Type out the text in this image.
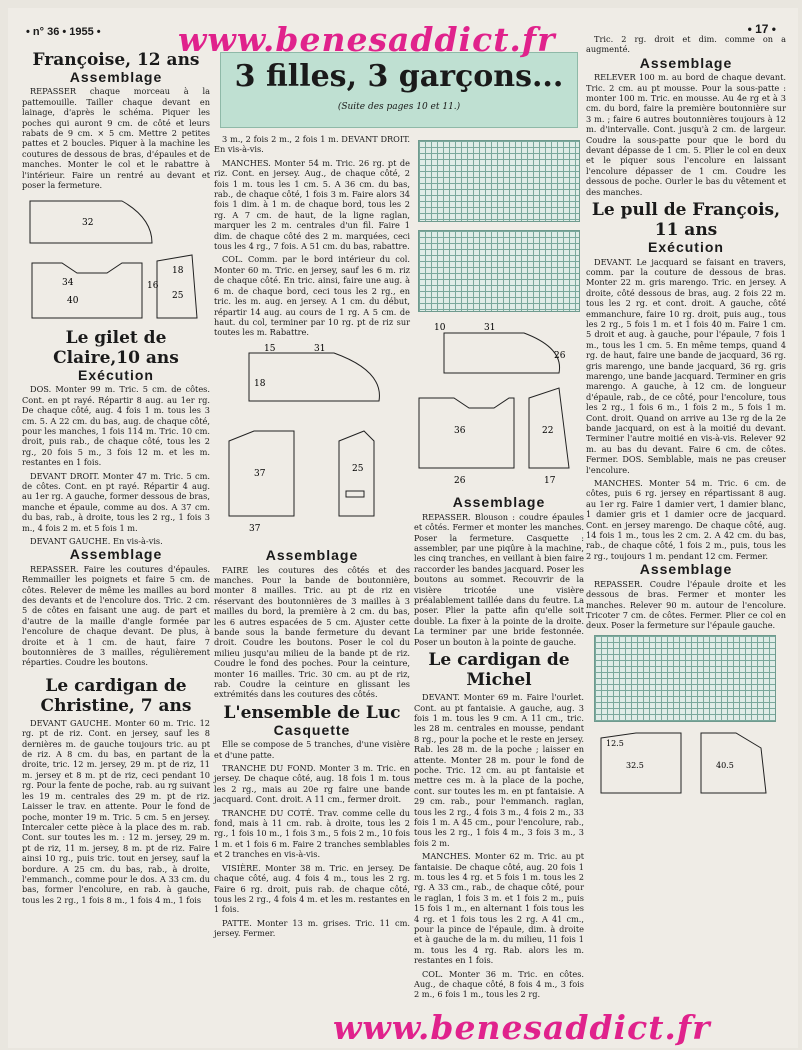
• n° 36 • 1955 •	• 17 •
3 filles, 3 garçons...
(Suite des pages 10 et 11.)
Françoise, 12 ans
Assemblage

REPASSER chaque morceau à la pattemouille. Tailler chaque devant en lainage, d'après le schéma. Piquer les poches qui auront 9 cm. de côté et leurs rabats de 9 cm. × 5 cm. Mettre 2 petites pattes et 2 boucles. Piquer à la machine les coutures de dessous de bras, d'épaules et de manches. Monter le col et le rabattre à l'intérieur. Faire un rentré au devant et poser la fermeture.

32
34
40
18
25
16
Le gilet de Claire,10 ans
Exécution

DOS. Monter 99 m. Tric. 5 cm. de côtes. Cont. en pt rayé. Répartir 8 aug. au 1er rg. De chaque côté, aug. 4 fois 1 m. tous les 3 cm. 5. A 22 cm. du bas, aug. de chaque côté, pour les manches, 1 fois 114 m. Tric. 10 cm. droit, puis rab., de chaque côté, tous les 2 rg., 20 fois 5 m., 3 fois 12 m. et les m. restantes en 1 fois.

DEVANT DROIT. Monter 47 m. Tric. 5 cm. de côtes. Cont. en pt rayé. Répartir 4 aug. au 1er rg. A gauche, former dessous de bras, manche et épaule, comme au dos. A 37 cm. du bas, rab., à droite, tous les 2 rg., 1 fois 3 m., 4 fois 2 m. et 5 fois 1 m.

DEVANT GAUCHE. En vis-à-vis.

Assemblage

REPASSER. Faire les coutures d'épaules. Remmailler les poignets et faire 5 cm. de côtes. Relever de même les mailles au bord des devants et de l'encolure dos. Tric. 2 cm. 5 de côtes en faisant une aug. de part et d'autre de la maille d'angle formée par l'encolure de chaque devant. De plus, à droite et à 1 cm. de haut, faire 7 boutonnières de 3 mailles, régulièrement réparties. Coudre les boutons.

Le cardigan de Christine, 7 ans

DEVANT GAUCHE. Monter 60 m. Tric. 12 rg. pt de riz. Cont. en jersey, sauf les 8 dernières m. de gauche toujours tric. au pt de riz. A 8 cm. du bas, en partant de la droite, tric. 12 m. jersey, 29 m. pt de riz, 11 m. jersey et 8 m. pt de riz, ceci pendant 10 rg. Pour la fente de poche, rab. au rg suivant les 19 m. centrales des 29 m. pt de riz. Laisser le trav. en attente. Pour le fond de poche, monter 19 m. Tric. 5 cm. 5 en jersey. Intercaler cette pièce à la place des m. rab. Cont. sur toutes les m. : 12 m. jersey, 29 m. pt de riz, 11 m. jersey, 8 m. pt de riz. Faire ainsi 10 rg., puis tric. tout en jersey, sauf la bordure. A 25 cm. du bas, rab., à droite, l'emmanch., comme pour le dos. A 33 cm. du bas, former l'encolure, en rab. à gauche, tous les 2 rg., 1 fois 8 m., 1 fois 4 m., 1 fois

3 m., 2 fois 2 m., 2 fois 1 m. DEVANT DROIT. En vis-à-vis.

MANCHES. Monter 54 m. Tric. 26 rg. pt de riz. Cont. en jersey. Aug., de chaque côté, 2 fois 1 m. tous les 1 cm. 5. A 36 cm. du bas, rab., de chaque côté, 1 fois 3 m. Faire alors 34 fois 1 dim. à 1 m. de chaque bord, tous les 2 rg. A 7 cm. de haut, de la ligne raglan, marquer les 2 m. centrales d'un fil. Faire 1 dim. de chaque côté des 2 m. marquées, ceci tous les 4 rg., 7 fois. A 51 cm. du bas, rabattre.

COL. Comm. par le bord intérieur du col. Monter 60 m. Tric. en jersey, sauf les 6 m. riz de chaque côté. En tric. ainsi, faire une aug. à 6 m. de chaque bord, ceci tous les 2 rg., en tric. les m. aug. en jersey. A 1 cm. du début, répartir 14 aug. au cours de 1 rg. A 5 cm. de haut. du col, terminer par 10 rg. pt de riz sur toutes les m. Rabattre.

15	31
18
37
37
25
Assemblage

FAIRE les coutures des côtés et des manches. Pour la bande de boutonnière, monter 8 mailles. Tric. au pt de riz en réservant des boutonnières de 3 mailles à 3 mailles du bord, la première à 2 cm. du bas, les 6 autres espacées de 5 cm. Ajuster cette bande sous la bande fermeture du devant droit. Coudre les boutons. Poser le col du milieu jusqu'au milieu de la bande pt de riz. Coudre le fond des poches. Pour la ceinture, monter 16 mailles. Tric. 30 cm. au pt de riz, rab. Coudre la ceinture en glissant les extrémités dans les coutures des côtés.

L'ensemble de Luc
Casquette

Elle se compose de 5 tranches, d'une visière et d'une patte.

TRANCHE DU FOND. Monter 3 m. Tric. en jersey. De chaque côté, aug. 18 fois 1 m. tous les 2 rg., mais au 20e rg faire une bande jacquard. Cont. droit. A 11 cm., fermer droit.

TRANCHE DU COTÉ. Trav. comme celle du fond, mais à 11 cm. rab. à droite, tous les 2 rg., 1 fois 10 m., 1 fois 3 m., 5 fois 2 m., 10 fois 1 m. et 1 fois 6 m. Faire 2 tranches semblables et 2 tranches en vis-à-vis.

VISIÈRE. Monter 38 m. Tric. en jersey. De chaque côté, aug. 4 fois 4 m., tous les 2 rg. Faire 6 rg. droit, puis rab. de chaque côté, tous les 2 rg., 4 fois 4 m. et les m. restantes en 1 fois.

PATTE. Monter 13 m. grises. Tric. 11 cm. jersey. Fermer.

31
10
26
36
26
22
17
Assemblage

REPASSER. Blouson : coudre épaules et côtés. Fermer et monter les manches. Poser la fermeture. Casquette : assembler, par une piqûre à la machine, les cinq tranches, en veillant à bien faire raccorder les bandes jacquard. Poser les boutons au sommet. Recouvrir de la visière tricotée une visière préalablement taillée dans du feutre. La poser. Plier la patte afin qu'elle soit double. La fixer à la pointe de la droite. La terminer par une bride festonnée. Poser un bouton à la pointe de gauche.

Le cardigan de Michel

DEVANT. Monter 69 m. Faire l'ourlet. Cont. au pt fantaisie. A gauche, aug. 3 fois 1 m. tous les 9 cm. A 11 cm., tric. les 28 m. centrales en mousse, pendant 8 rg., pour la poche et le reste en jersey. Rab. les 28 m. de la poche ; laisser en attente. Monter 28 m. pour le fond de poche. Tric. 12 cm. au pt fantaisie et mettre ces m. à la place de la poche, cont. sur toutes les m. en pt fantaisie. A 29 cm. rab., pour l'emmanch. raglan, tous les 2 rg., 4 fois 3 m., 4 fois 2 m., 33 fois 1 m. A 45 cm., pour l'encolure, rab., tous les 2 rg., 1 fois 4 m., 3 fois 3 m., 3 fois 2 m.

MANCHES. Monter 62 m. Tric. au pt fantaisie. De chaque côté, aug. 20 fois 1 m. tous les 4 rg. et 5 fois 1 m. tous les 2 rg. A 33 cm., rab., de chaque côté, pour le raglan, 1 fois 3 m. et 1 fois 2 m., puis 15 fois 1 m., en alternant 1 fois tous les 4 rg. et 1 fois tous les 2 rg. A 41 cm., pour la pince de l'épaule, dim. à droite et à gauche de la m. du milieu, 11 fois 1 m. tous les 4 rg. Rab. alors les m. restantes en 1 fois.

COL. Monter 36 m. Tric. en côtes. Aug., de chaque côté, 8 fois 4 m., 3 fois 2 m., 6 fois 1 m., tous les 2 rg.

Tric. 2 rg. droit et dim. comme on a augmenté.

Assemblage

RELEVER 100 m. au bord de chaque devant. Tric. 2 cm. au pt mousse. Pour la sous-patte : monter 100 m. Tric. en mousse. Au 4e rg et à 3 cm. du bord, faire la première boutonnière sur 3 m. ; faire 6 autres boutonnières toujours à 12 m. d'intervalle. Cont. jusqu'à 2 cm. de largeur. Coudre la sous-patte pour que le bord du devant dépasse de 1 cm. 5. Plier le col en deux et le piquer sous l'encolure en laissant l'encolure dépasser de 1 cm. Coudre les dessous de poche. Ourler le bas du vêtement et des manches.

Le pull de François, 11 ans
Exécution

DEVANT. Le jacquard se faisant en travers, comm. par la couture de dessous de bras. Monter 22 m. gris marengo. Tric. en jersey. A droite, côté dessous de bras, aug. 2 fois 22 m. tous les 2 rg. et cont. droit. A gauche, côté emmanchure, faire 10 rg. droit, puis aug., tous les 2 rg., 5 fois 1 m. et 1 fois 40 m. Faire 1 cm. 5 droit et aug. à gauche, pour l'épaule, 7 fois 1 m., tous les 1 cm. 5. En même temps, quand 4 rg. de haut, faire une bande de jacquard, 36 rg. gris marengo, une bande jacquard, 36 rg. gris marengo, une bande jacquard. Terminer en gris marengo. A gauche, à 12 cm. de longueur d'épaule, rab., de ce côté, pour l'encolure, tous les 2 rg., 1 fois 6 m., 1 fois 2 m., 5 fois 1 m. Cont. droit. Quand on arrive au 13e rg de la 2e bande jacquard, on est à la moitié du devant. Terminer l'autre moitié en vis-à-vis. Relever 92 m. au bas du devant. Faire 6 cm. de côtes. Fermer. DOS. Semblable, mais ne pas creuser l'encolure.

MANCHES. Monter 54 m. Tric. 6 cm. de côtes, puis 6 rg. jersey en répartissant 8 aug. au 1er rg. Faire 1 damier vert, 1 damier blanc, 1 damier gris et 1 damier ocre de jacquard. Cont. en jersey marengo. De chaque côté, aug. 14 fois 1 m., tous les 2 cm. 2. A 42 cm. du bas, rab., de chaque côté, 1 fois 2 m., puis, tous les 2 rg., toujours 1 m. pendant 12 cm. Fermer.

Assemblage

REPASSER. Coudre l'épaule droite et les dessous de bras. Fermer et monter les manches. Relever 90 m. autour de l'encolure. Tricoter 7 cm. de côtes. Fermer. Plier ce col en deux. Poser la fermeture sur l'épaule gauche.

12.5
32.5	40.5
www.benesaddict.fr
www.benesaddict.fr
